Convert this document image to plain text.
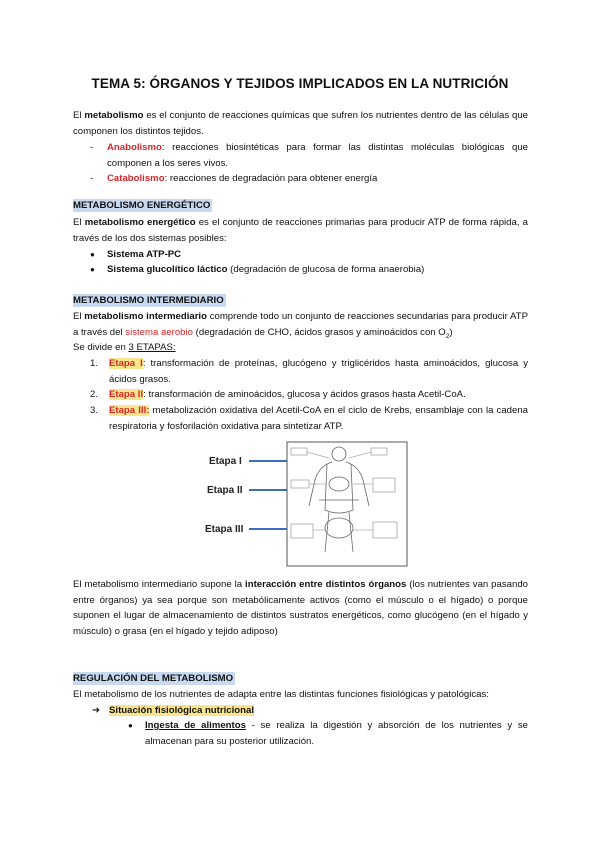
TEMA 5: ÓRGANOS Y TEJIDOS IMPLICADOS EN LA NUTRICIÓN
El metabolismo es el conjunto de reacciones químicas que sufren los nutrientes dentro de las células que componen los distintos tejidos.
- Anabolismo: reacciones biosintéticas para formar las distintas moléculas biológicas que componen a los seres vivos.
- Catabolismo: reacciones de degradación para obtener energía
METABOLISMO ENERGÉTICO
El metabolismo energético es el conjunto de reacciones primarias para producir ATP de forma rápida, a través de los dos sistemas posibles:
● Sistema ATP-PC
● Sistema glucolítico láctico (degradación de glucosa de forma anaerobia)
METABOLISMO INTERMEDIARIO
El metabolismo intermediario comprende todo un conjunto de reacciones secundarias para producir ATP a través del sistema aerobio (degradación de CHO, ácidos grasos y aminoácidos con $O_2$)
Se divide en 3 ETAPAS:
1. Etapa I: transformación de proteínas, glucógeno y triglicéridos hasta aminoácidos, glucosa y ácidos grasos.
2. Etapa II: transformación de aminoácidos, glucosa y ácidos grasos hasta Acetil-CoA.
3. Etapa III: metabolización oxidativa del Acetil-CoA en el ciclo de Krebs, ensamblaje con la cadena respiratoria y fosforilación oxidativa para sintetizar ATP.
Etapa I
Etapa II
Etapa III
El metabolismo intermediario supone la interacción entre distintos órganos (los nutrientes van pasando entre órganos) ya sea porque son metabólicamente activos (como el músculo o el hígado) o porque suponen el lugar de almacenamiento de distintos sustratos energéticos, como glucógeno (en el hígado y músculo) o grasa (en el hígado y tejido adiposo)
REGULACIÓN DEL METABOLISMO
El metabolismo de los nutrientes de adapta entre las distintas funciones fisiológicas y patológicas:
➔ Situación fisiológica nutricional
● Ingesta de alimentos - se realiza la digestión y absorción de los nutrientes y se almacenan para su posterior utilización.
